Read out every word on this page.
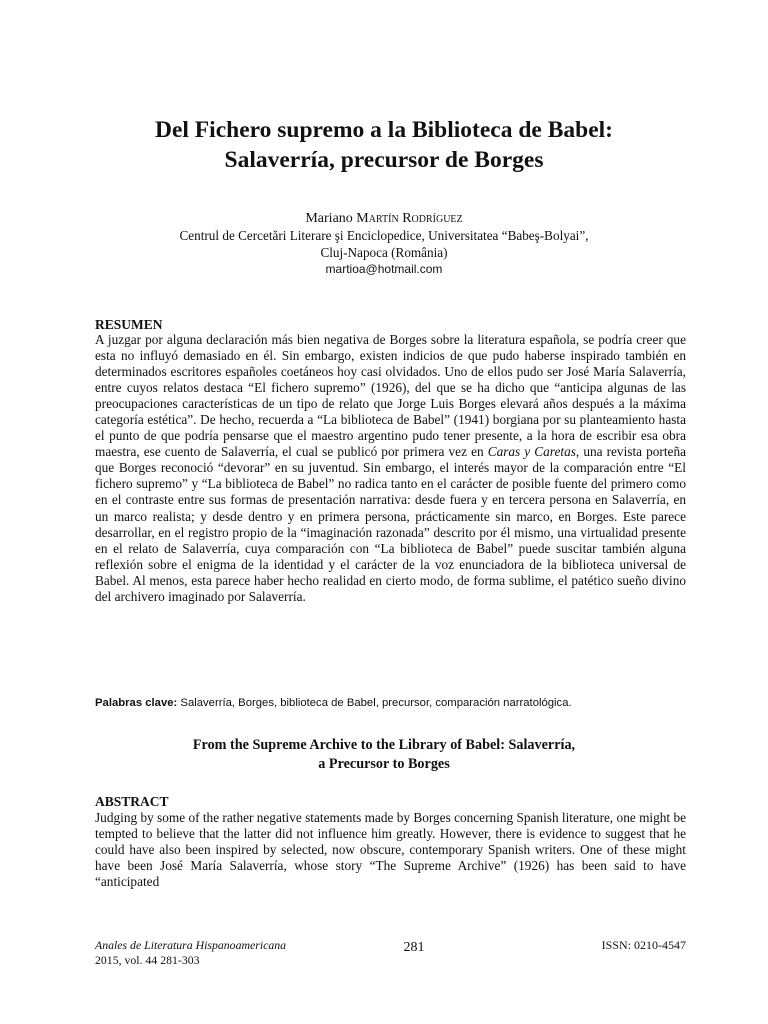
Del Fichero supremo a la Biblioteca de Babel:
Salaverría, precursor de Borges
Mariano Martín Rodríguez
Centrul de Cercetări Literare şi Enciclopedice, Universitatea “Babeş-Bolyai”,
Cluj-Napoca (România)
martioa@hotmail.com
RESUMEN

A juzgar por alguna declaración más bien negativa de Borges sobre la literatura española, se podría creer que esta no influyó demasiado en él. Sin embargo, existen indicios de que pudo haberse inspirado también en determinados escritores españoles coetáneos hoy casi olvidados. Uno de ellos pudo ser José María Salaverría, entre cuyos relatos destaca “El fichero supremo” (1926), del que se ha dicho que “anticipa algunas de las preocupaciones características de un tipo de relato que Jorge Luis Borges elevará años después a la máxima categoría estética”. De hecho, recuerda a “La biblioteca de Babel” (1941) borgiana por su planteamiento hasta el punto de que podría pensarse que el maestro argentino pudo tener presente, a la hora de escribir esa obra maestra, ese cuento de Salaverría, el cual se publicó por primera vez en Caras y Caretas, una revista porteña que Borges reconoció “devorar” en su juventud. Sin embargo, el interés mayor de la comparación entre “El fichero supremo” y “La biblioteca de Babel” no radica tanto en el carácter de posible fuente del primero como en el contraste entre sus formas de presentación narrativa: desde fuera y en tercera persona en Salaverría, en un marco realista; y desde dentro y en primera persona, prácticamente sin marco, en Borges. Este parece desarrollar, en el registro propio de la “imaginación razonada” descrito por él mismo, una virtualidad presente en el relato de Salaverría, cuya comparación con “La biblioteca de Babel” puede suscitar también alguna reflexión sobre el enigma de la identidad y el carácter de la voz enunciadora de la biblioteca universal de Babel. Al menos, esta parece haber hecho realidad en cierto modo, de forma sublime, el patético sueño divino del archivero imaginado por Salaverría.

Palabras clave: Salaverría, Borges, biblioteca de Babel, precursor, comparación narratológica.
From the Supreme Archive to the Library of Babel: Salaverría,
a Precursor to Borges
ABSTRACT

Judging by some of the rather negative statements made by Borges concerning Spanish literature, one might be tempted to believe that the latter did not influence him greatly. However, there is evidence to suggest that he could have also been inspired by selected, now obscure, contemporary Spanish writers. One of these might have been José María Salaverría, whose story “The Supreme Archive” (1926) has been said to have “anticipated

Anales de Literatura Hispanoamericana
2015, vol. 44 281-303
281	ISSN: 0210-4547
